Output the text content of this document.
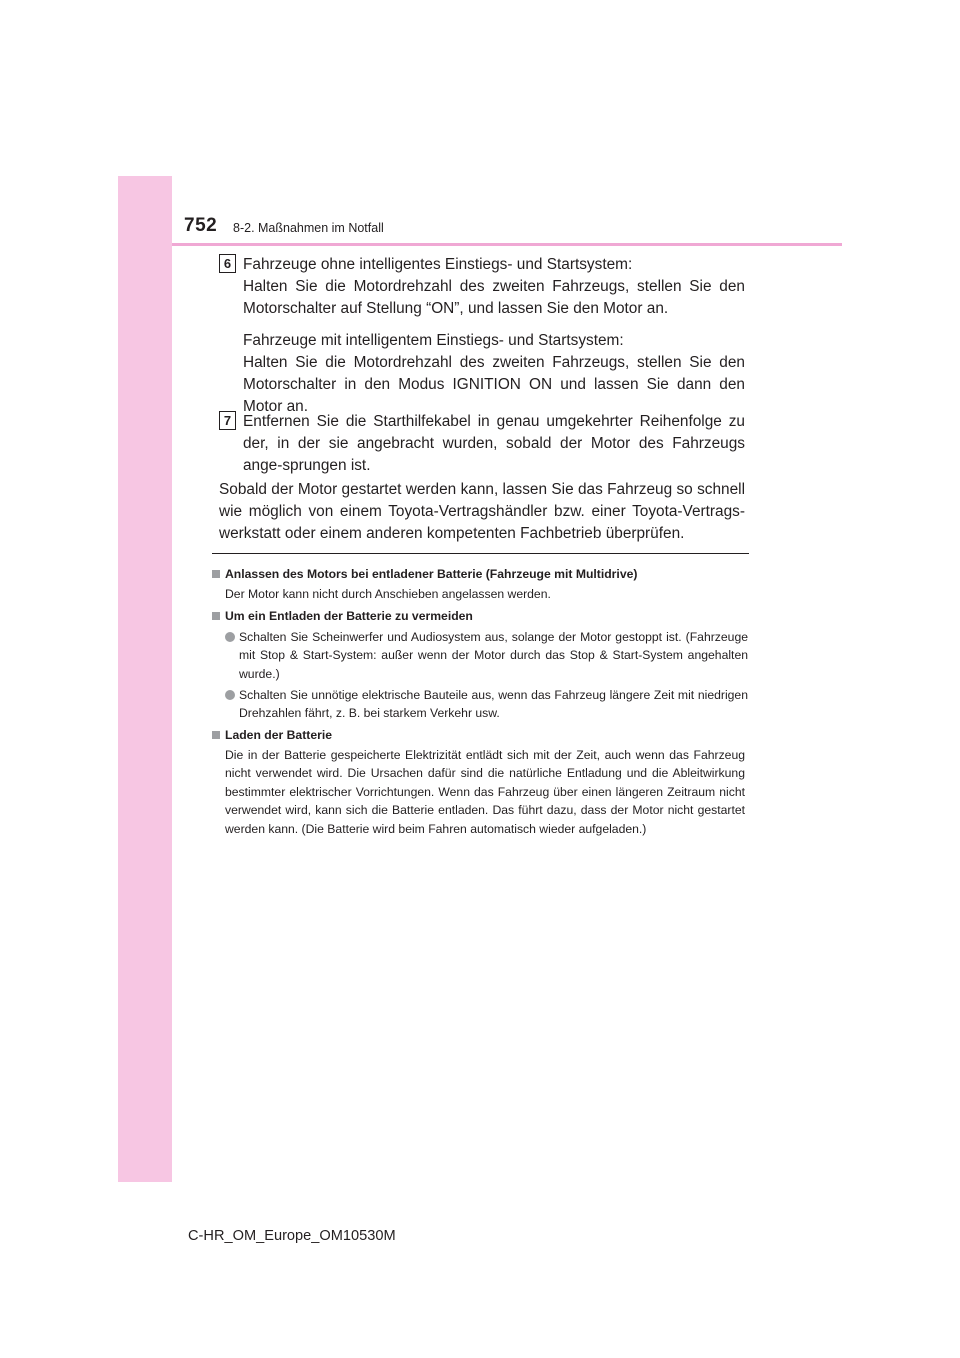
752 8-2. Maßnahmen im Notfall
6 Fahrzeuge ohne intelligentes Einstiegs- und Startsystem:

Halten Sie die Motordrehzahl des zweiten Fahrzeugs, stellen Sie den Motorschalter auf Stellung “ON”, und lassen Sie den Motor an.

Fahrzeuge mit intelligentem Einstiegs- und Startsystem:

Halten Sie die Motordrehzahl des zweiten Fahrzeugs, stellen Sie den Motorschalter in den Modus IGNITION ON und lassen Sie dann den Motor an.

7 Entfernen Sie die Starthilfekabel in genau umgekehrter Reihenfolge zu der, in der sie angebracht wurden, sobald der Motor des Fahrzeugs ange-sprungen ist.
Sobald der Motor gestartet werden kann, lassen Sie das Fahrzeug so schnell wie möglich von einem Toyota-Vertragshändler bzw. einer Toyota-Vertrags-werkstatt oder einem anderen kompetenten Fachbetrieb überprüfen.
Anlassen des Motors bei entladener Batterie (Fahrzeuge mit Multidrive)
Der Motor kann nicht durch Anschieben angelassen werden.
Um ein Entladen der Batterie zu vermeiden
Schalten Sie Scheinwerfer und Audiosystem aus, solange der Motor gestoppt ist. (Fahrzeuge mit Stop & Start-System: außer wenn der Motor durch das Stop & Start-System angehalten wurde.)
Schalten Sie unnötige elektrische Bauteile aus, wenn das Fahrzeug längere Zeit mit niedrigen Drehzahlen fährt, z. B. bei starkem Verkehr usw.
Laden der Batterie
Die in der Batterie gespeicherte Elektrizität entlädt sich mit der Zeit, auch wenn das Fahrzeug nicht verwendet wird. Die Ursachen dafür sind die natürliche Entladung und die Ableitwirkung bestimmter elektrischer Vorrichtungen. Wenn das Fahrzeug über einen längeren Zeitraum nicht verwendet wird, kann sich die Batterie entladen. Das führt dazu, dass der Motor nicht gestartet werden kann. (Die Batterie wird beim Fahren automatisch wieder aufgeladen.)
C-HR_OM_Europe_OM10530M
